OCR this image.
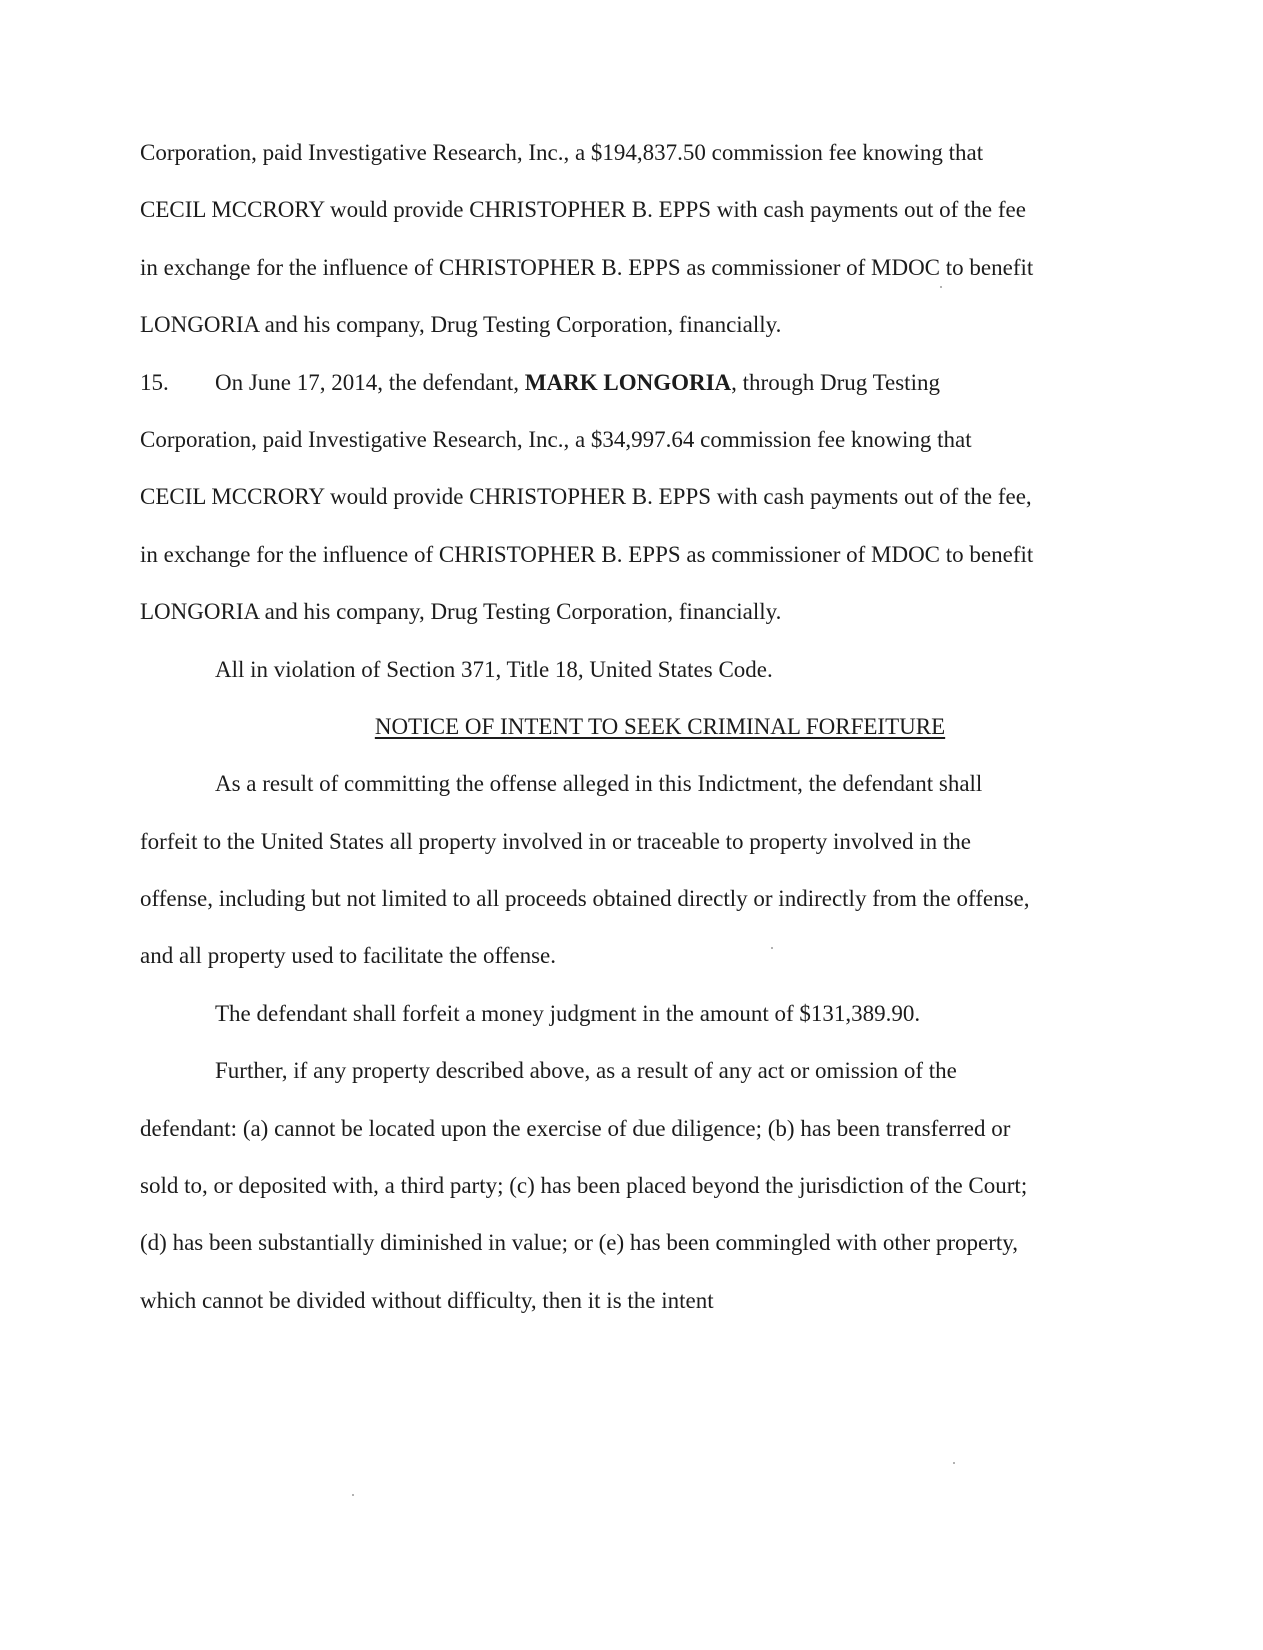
Corporation, paid Investigative Research, Inc., a $194,837.50 commission fee knowing that
CECIL MCCRORY would provide CHRISTOPHER B. EPPS with cash payments out of the fee
in exchange for the influence of CHRISTOPHER B. EPPS as commissioner of MDOC to benefit
LONGORIA and his company, Drug Testing Corporation, financially.
15. On June 17, 2014, the defendant, MARK LONGORIA, through Drug Testing
Corporation, paid Investigative Research, Inc., a $34,997.64 commission fee knowing that
CECIL MCCRORY would provide CHRISTOPHER B. EPPS with cash payments out of the fee,
in exchange for the influence of CHRISTOPHER B. EPPS as commissioner of MDOC to benefit
LONGORIA and his company, Drug Testing Corporation, financially.
All in violation of Section 371, Title 18, United States Code.
NOTICE OF INTENT TO SEEK CRIMINAL FORFEITURE
As a result of committing the offense alleged in this Indictment, the defendant shall
forfeit to the United States all property involved in or traceable to property involved in the
offense, including but not limited to all proceeds obtained directly or indirectly from the offense,
and all property used to facilitate the offense.
The defendant shall forfeit a money judgment in the amount of $131,389.90.
Further, if any property described above, as a result of any act or omission of the
defendant: (a) cannot be located upon the exercise of due diligence; (b) has been transferred or
sold to, or deposited with, a third party; (c) has been placed beyond the jurisdiction of the Court;
(d) has been substantially diminished in value; or (e) has been commingled with other property,
which cannot be divided without difficulty, then it is the intent
